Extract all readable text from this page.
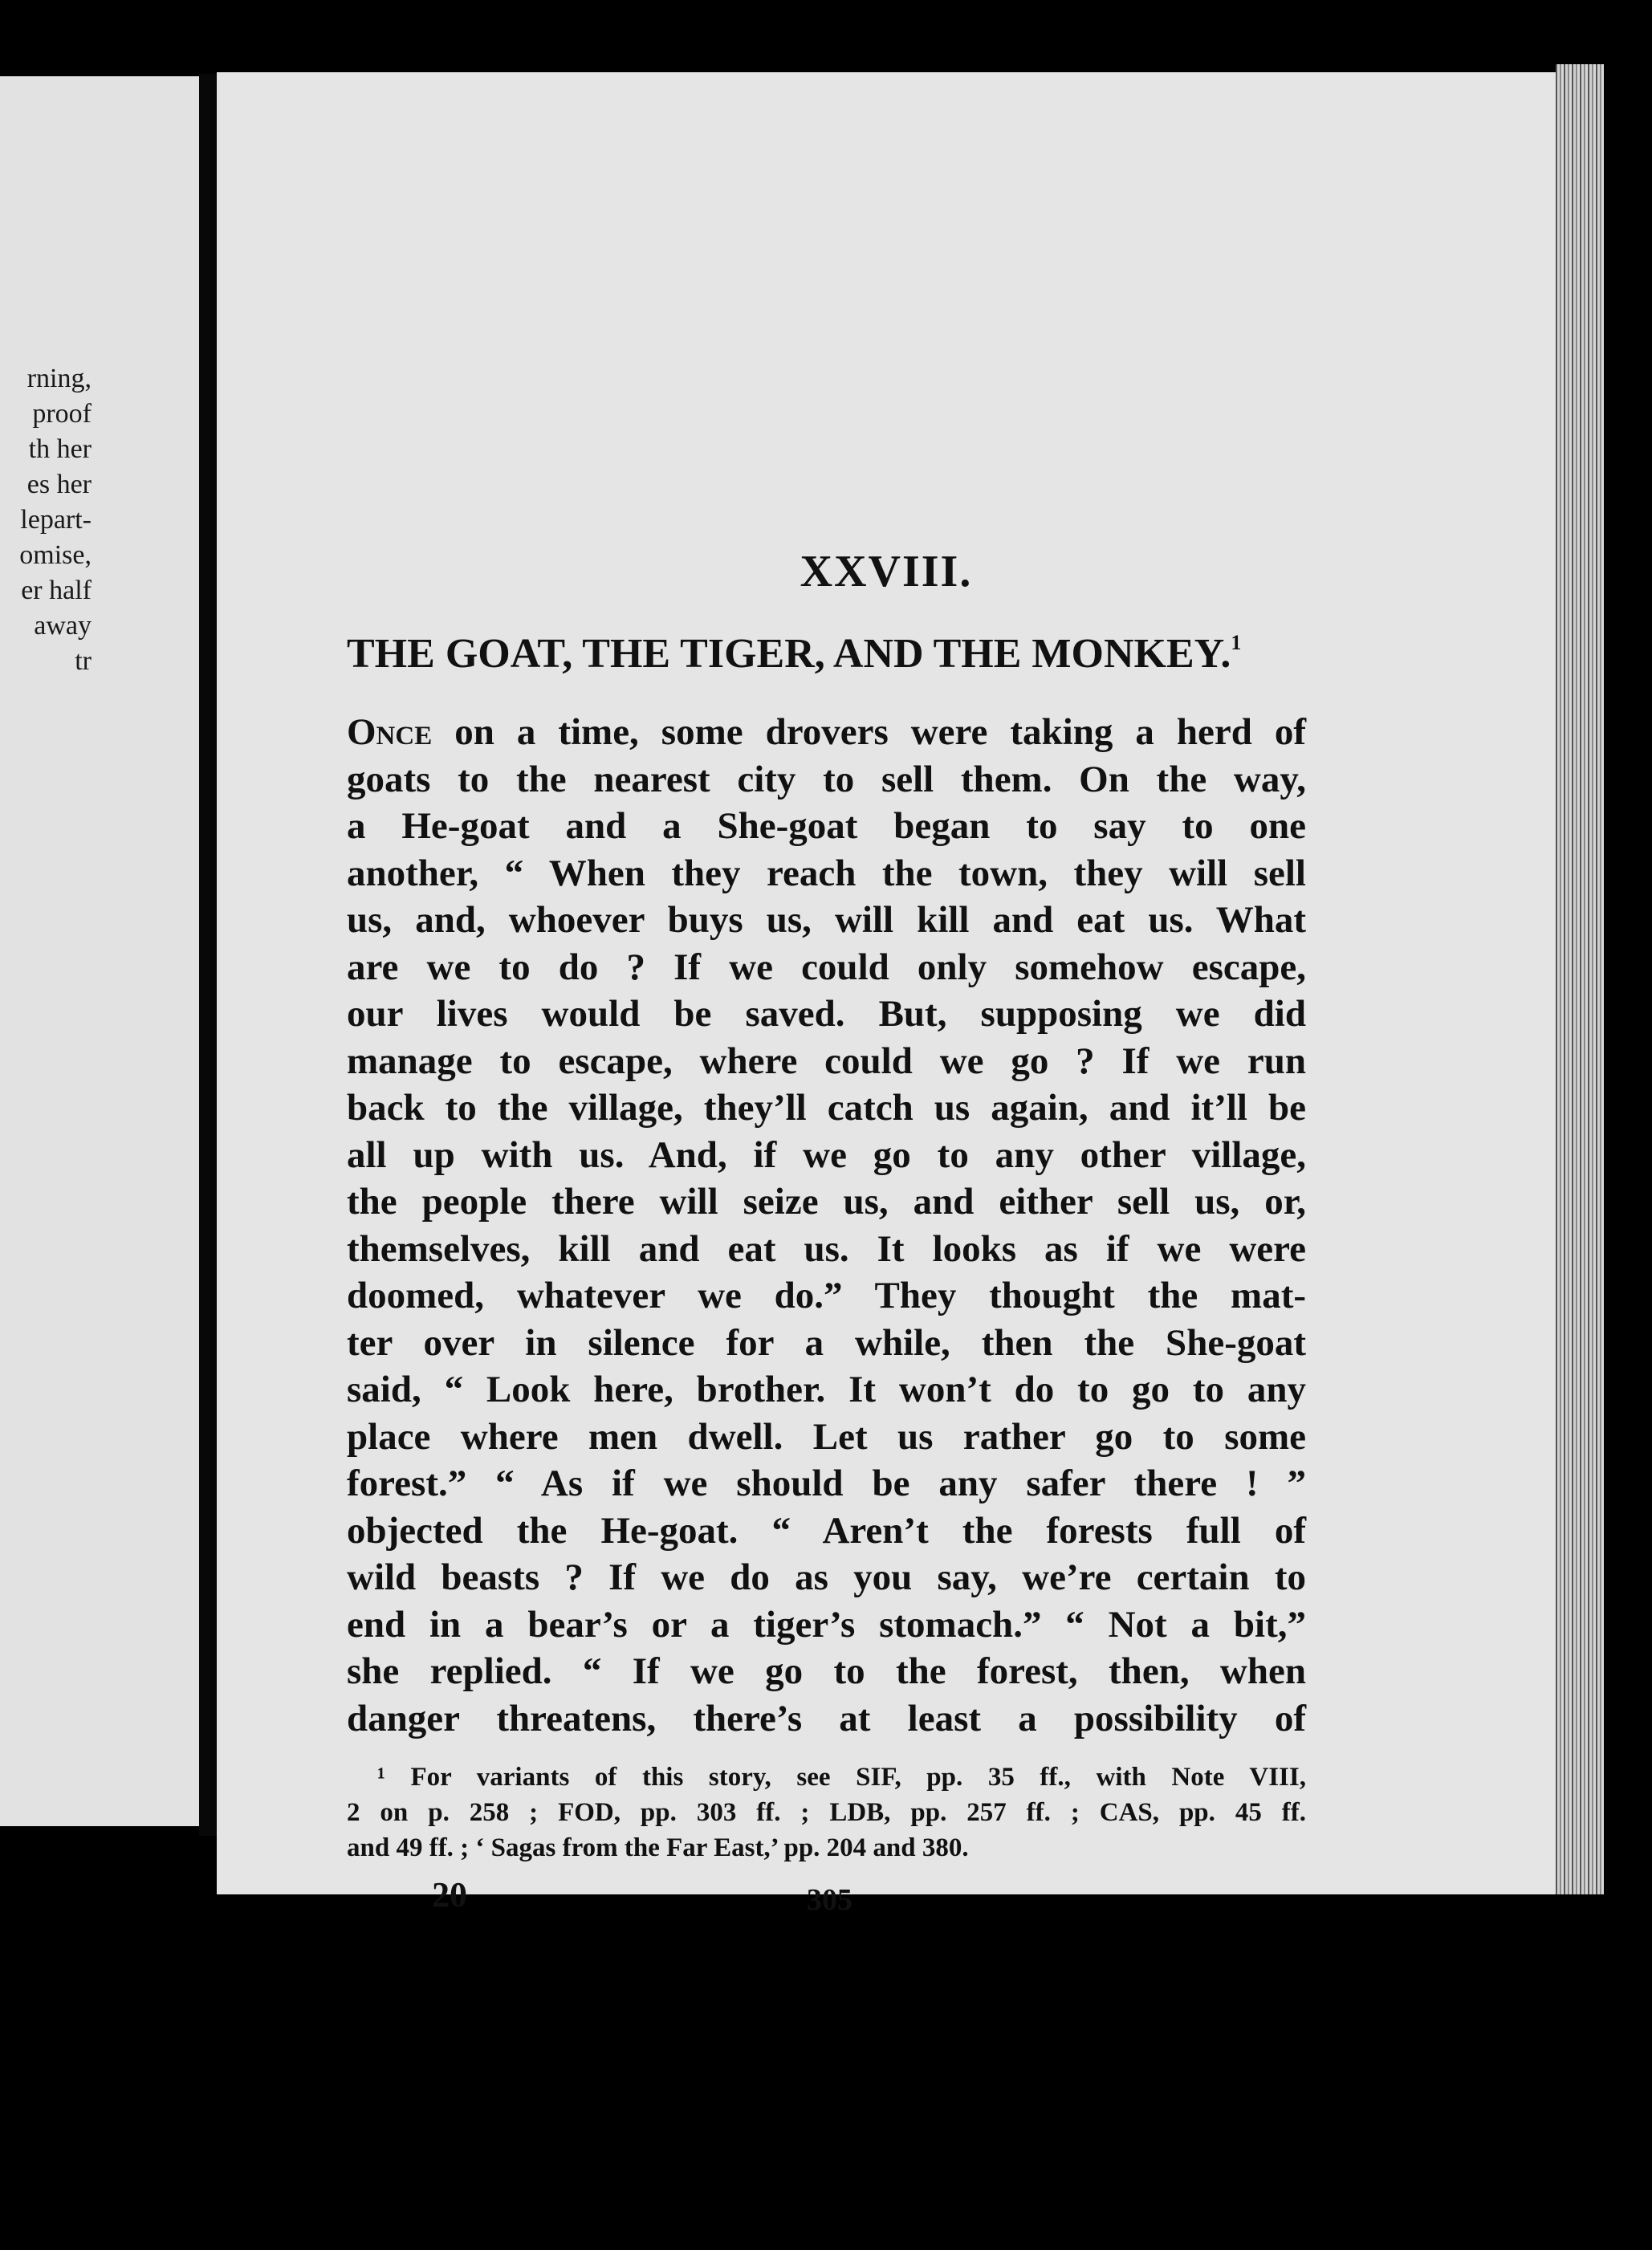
rning,
proof
th her
es her
lepart-
omise,
er half
away
tr
XXVIII.
THE GOAT, THE TIGER, AND THE MONKEY.$^1$
Once on a time, some drovers were taking a herd of
goats to the nearest city to sell them. On the way,
a He-goat and a She-goat began to say to one
another, “ When they reach the town, they will sell
us, and, whoever buys us, will kill and eat us. What
are we to do ? If we could only somehow escape,
our lives would be saved. But, supposing we did
manage to escape, where could we go ? If we run
back to the village, they’ll catch us again, and it’ll be
all up with us. And, if we go to any other village,
the people there will seize us, and either sell us, or,
themselves, kill and eat us. It looks as if we were
doomed, whatever we do.” They thought the mat-
ter over in silence for a while, then the She-goat
said, “ Look here, brother. It won’t do to go to any
place where men dwell. Let us rather go to some
forest.” “ As if we should be any safer there ! ”
objected the He-goat. “ Aren’t the forests full of
wild beasts ? If we do as you say, we’re certain to
end in a bear’s or a tiger’s stomach.” “ Not a bit,”
she replied. “ If we go to the forest, then, when
danger threatens, there’s at least a possibility of
¹ For variants of this story, see SIF, pp. 35 ff., with Note VIII,
2 on p. 258 ; FOD, pp. 303 ff. ; LDB, pp. 257 ff. ; CAS, pp. 45 ff.
and 49 ff. ; ‘ Sagas from the Far East,’ pp. 204 and 380.
20	305
